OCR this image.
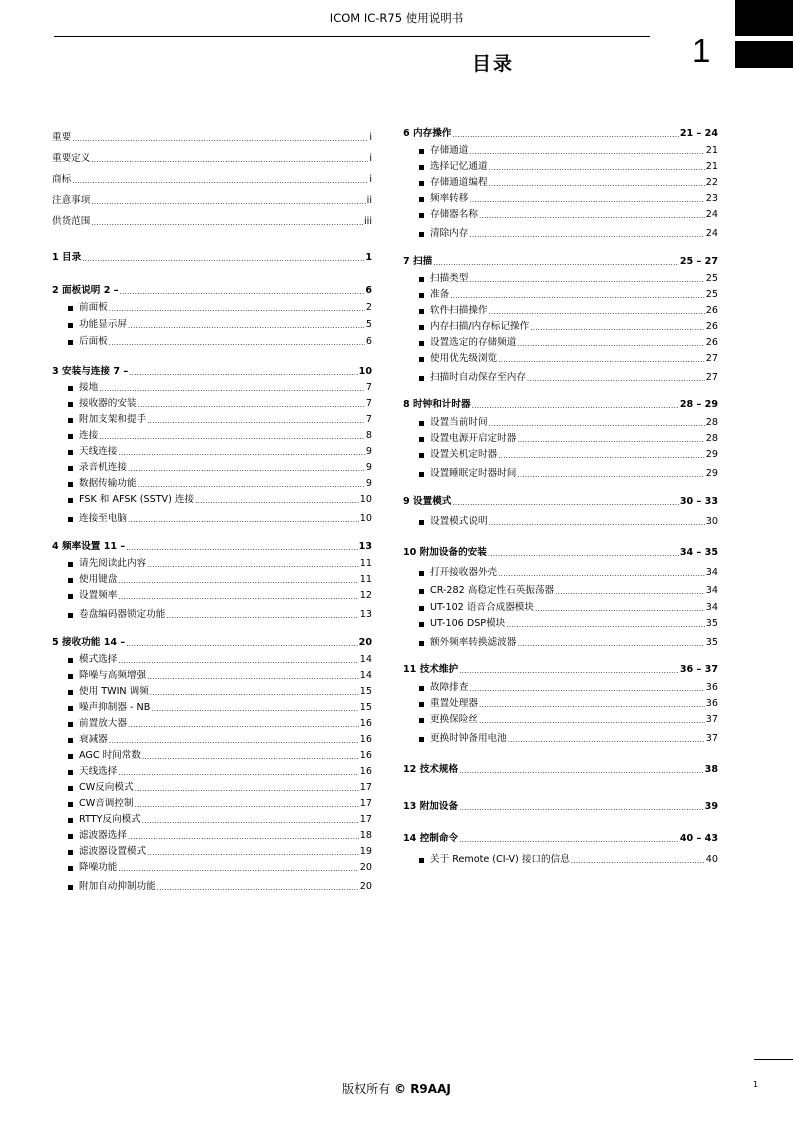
ICOM IC-R75 使用说明书
1
目录
重要 .....	i
重要定义 .....	i
商标 .....	i
注意事项 .....	ii
供货范围 .....	iii
1 目录 .....	1
2 面板说明 2 – .....	6
前面板 .....	2
功能显示屏 .....	5
后面板 .....	6
3 安装与连接 7 – .....	10
接地 .....	7
接收器的安装 .....	7
附加支架和提手 .....	7
连接 .....	8
天线连接 .....	9
录音机连接 .....	9
数据传输功能 .....	9
FSK 和 AFSK (SSTV) 连接 .....	10
连接至电脑 .....	10
4 频率设置 11 – .....	13
请先阅读此内容 .....	11
使用键盘 .....	11
设置频率 .....	12
卷盘编码器锁定功能 .....	13
5 接收功能 14 – .....	20
模式选择 .....	14
降噪与高频增强 .....	14
使用 TWIN 调频 .....	15
噪声抑制器 - NB .....	15
前置放大器 .....	16
衰减器 .....	16
AGC 时间常数 .....	16
天线选择 .....	16
CW反向模式 .....	17
CW音调控制 .....	17
RTTY反向模式 .....	17
滤波器选择 .....	18
滤波器设置模式 .....	19
降噪功能 .....	20
附加自动抑制功能 .....	20
6 内存操作 .....	21 – 24
存储通道 .....	21
选择记忆通道 .....	21
存储通道编程 .....	22
频率转移 .....	23
存储器名称 .....	24
清除内存 .....	24
7 扫描 .....	25 – 27
扫描类型 .....	25
准备 .....	25
软件扫描操作 .....	26
内存扫描/内存标记操作 .....	26
设置选定的存储频道 .....	26
使用优先级浏览 .....	27
扫描时自动保存至内存 .....	27
8 时钟和计时器 .....	28 – 29
设置当前时间 .....	28
设置电源开启定时器 .....	28
设置关机定时器 .....	29
设置睡眠定时器时间 .....	29
9 设置模式 .....	30 – 33
设置模式说明 .....	30
10 附加设备的安装 .....	34 – 35
打开接收器外壳 .....	34
CR-282 高稳定性石英振荡器 .....	34
UT-102 语音合成器模块 .....	34
UT-106 DSP模块 .....	35
额外频率转换滤波器 .....	35
11 技术维护 .....	36 – 37
故障排查 .....	36
重置处理器 .....	36
更换保险丝 .....	37
更换时钟备用电池 .....	37
12 技术规格 .....	38
13 附加设备 .....	39
14 控制命令 .....	40 – 43
关于 Remote (CI-V) 接口的信息 .....	40
版权所有 © R9AAJ	1
